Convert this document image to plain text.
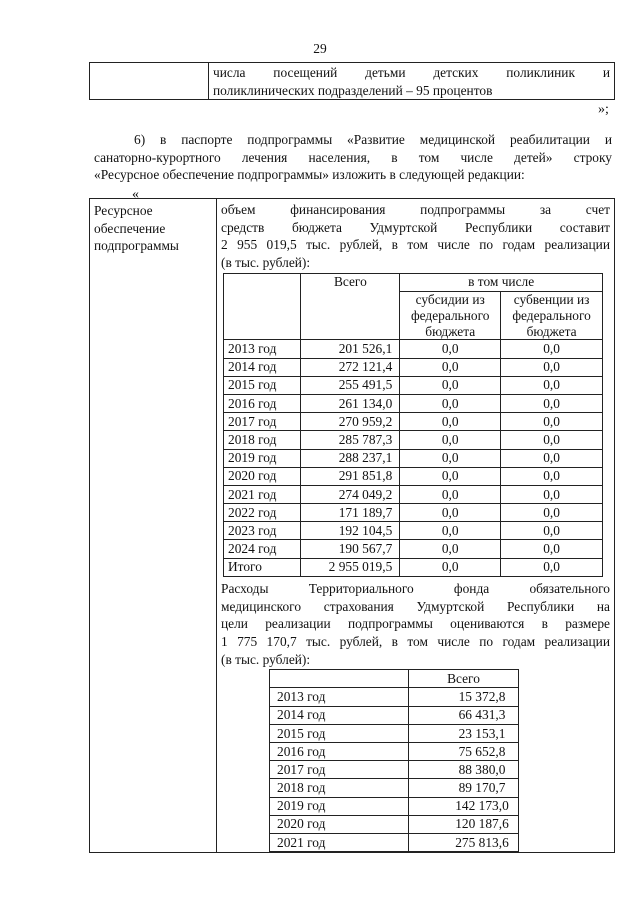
29

числа посещений детьми детских поликлиник и
поликлинических подразделений – 95 процентов
»;
6) в паспорте подпрограммы «Развитие медицинской реабилитации и
санаторно-курортного лечения населения, в том числе детей» строку
«Ресурсное обеспечение подпрограммы» изложить в следующей редакции:
«
Ресурсное
обеспечение
подпрограммы

объем финансирования подпрограммы за счет
средств бюджета Удмуртской Республики составит
2 955 019,5 тыс. рублей, в том числе по годам реализации
(в тыс. рублей):
	Всего	в том числе

субсидии из
федерального
бюджета

субвенции из
федерального
бюджета

2013 год	201 526,1	0,0	0,0
2014 год	272 121,4	0,0	0,0
2015 год	255 491,5	0,0	0,0
2016 год	261 134,0	0,0	0,0
2017 год	270 959,2	0,0	0,0
2018 год	285 787,3	0,0	0,0
2019 год	288 237,1	0,0	0,0
2020 год	291 851,8	0,0	0,0
2021 год	274 049,2	0,0	0,0
2022 год	171 189,7	0,0	0,0
2023 год	192 104,5	0,0	0,0
2024 год	190 567,7	0,0	0,0
Итого	2 955 019,5	0,0	0,0
Расходы Территориального фонда обязательного
медицинского страхования Удмуртской Республики на
цели реализации подпрограммы оцениваются в размере
1 775 170,7 тыс. рублей, в том числе по годам реализации
(в тыс. рублей):
	Всего
2013 год	15 372,8
2014 год	66 431,3
2015 год	23 153,1
2016 год	75 652,8
2017 год	88 380,0
2018 год	89 170,7
2019 год	142 173,0
2020 год	120 187,6
2021 год	275 813,6
